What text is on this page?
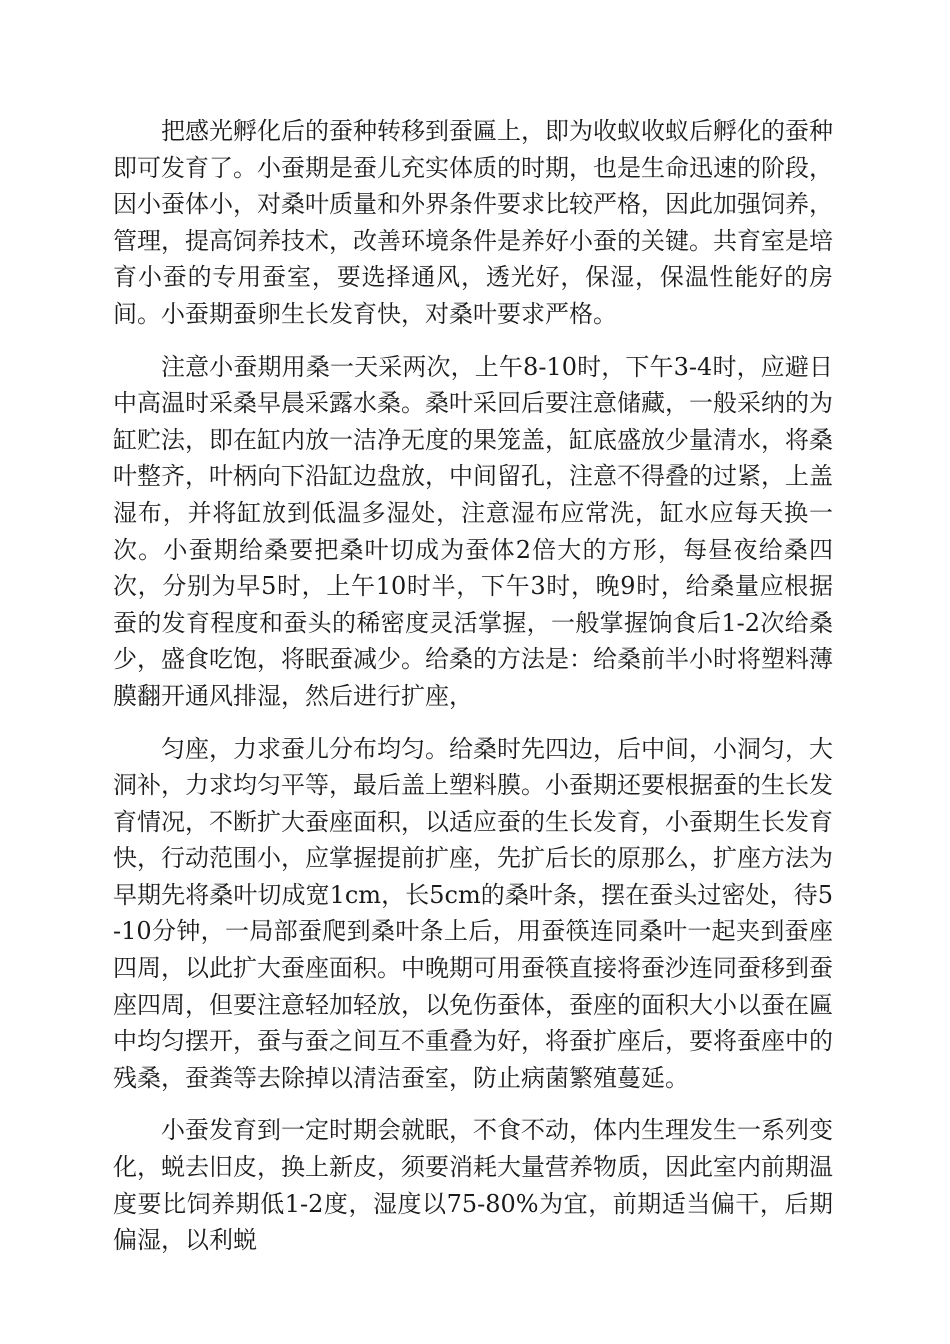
把感光孵化后的蚕种转移到蚕匾上，即为收蚁收蚁后孵化的蚕种即可发育了。小蚕期是蚕儿充实体质的时期，也是生命迅速的阶段，因小蚕体小，对桑叶质量和外界条件要求比较严格，因此加强饲养，管理，提高饲养技术，改善环境条件是养好小蚕的关键。共育室是培育小蚕的专用蚕室，要选择通风，透光好，保湿，保温性能好的房间。小蚕期蚕卵生长发育快，对桑叶要求严格。

注意小蚕期用桑一天采两次，上午8-10时，下午3-4时，应避日中高温时采桑早晨采露水桑。桑叶采回后要注意储藏，一般采纳的为缸贮法，即在缸内放一洁净无度的果笼盖，缸底盛放少量清水，将桑叶整齐，叶柄向下沿缸边盘放，中间留孔，注意不得叠的过紧，上盖湿布，并将缸放到低温多湿处，注意湿布应常洗，缸水应每天换一次。小蚕期给桑要把桑叶切成为蚕体2倍大的方形，每昼夜给桑四次，分别为早5时，上午10时半，下午3时，晚9时，给桑量应根据蚕的发育程度和蚕头的稀密度灵活掌握，一般掌握饷食后1-2次给桑少，盛食吃饱，将眠蚕减少。给桑的方法是：给桑前半小时将塑料薄膜翻开通风排湿，然后进行扩座，

匀座，力求蚕儿分布均匀。给桑时先四边，后中间，小洞匀，大洞补，力求均匀平等，最后盖上塑料膜。小蚕期还要根据蚕的生长发育情况，不断扩大蚕座面积，以适应蚕的生长发育，小蚕期生长发育快，行动范围小，应掌握提前扩座，先扩后长的原那么，扩座方法为早期先将桑叶切成宽1cm，长5cm的桑叶条，摆在蚕头过密处，待5-10分钟，一局部蚕爬到桑叶条上后，用蚕筷连同桑叶一起夹到蚕座四周，以此扩大蚕座面积。中晚期可用蚕筷直接将蚕沙连同蚕移到蚕座四周，但要注意轻加轻放，以免伤蚕体，蚕座的面积大小以蚕在匾中均匀摆开，蚕与蚕之间互不重叠为好，将蚕扩座后，要将蚕座中的残桑，蚕粪等去除掉以清洁蚕室，防止病菌繁殖蔓延。

小蚕发育到一定时期会就眠，不食不动，体内生理发生一系列变化，蜕去旧皮，换上新皮，须要消耗大量营养物质，因此室内前期温度要比饲养期低1-2度，湿度以75-80%为宜，前期适当偏干，后期偏湿，以利蜕
